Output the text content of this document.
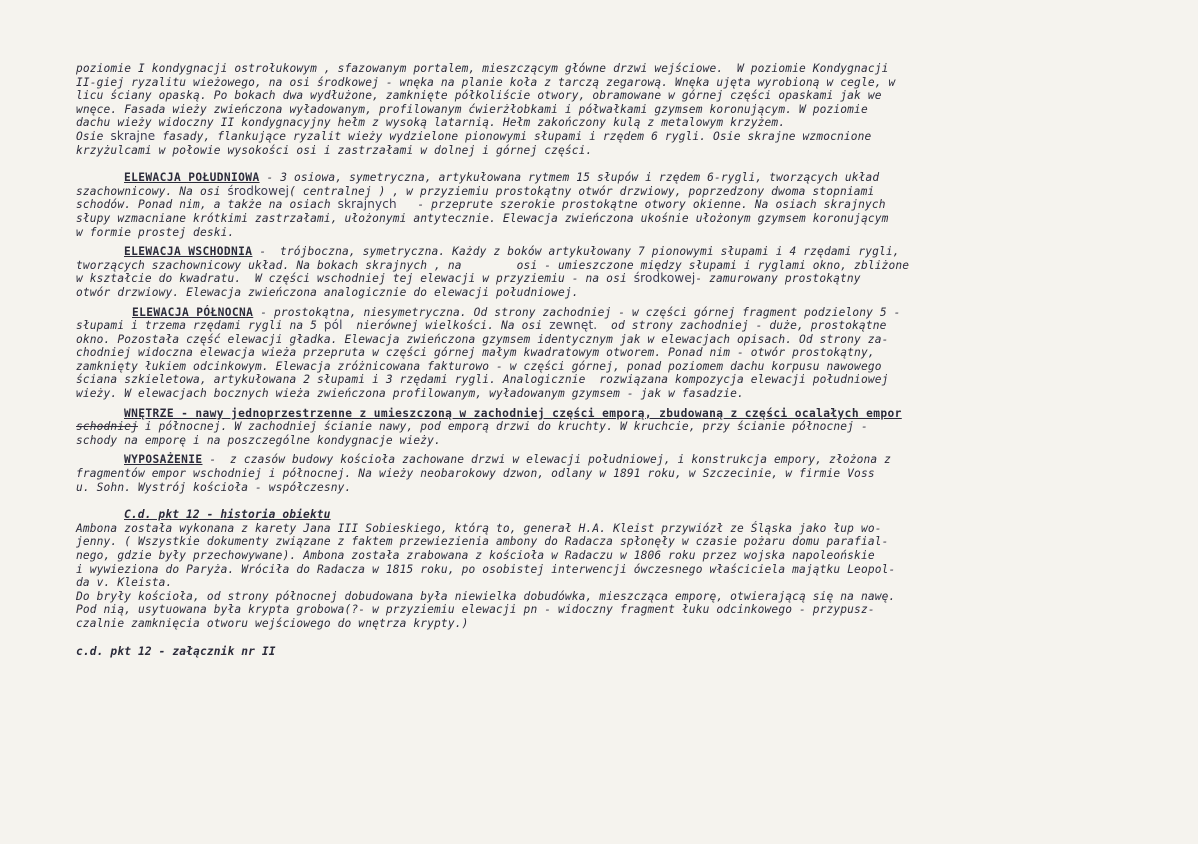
poziomie I kondygnacji ostrołukowym , sfazowanym portalem, mieszczącym główne drzwi wejściowe.  W poziomie Kondygnacji

II-giej ryzalitu wieżowego, na osi środkowej - wnęka na planie koła z tarczą zegarową. Wnęka ujęta wyrobioną w cegle, w

licu ściany opaską. Po bokach dwa wydłużone, zamknięte półkoliście otwory, obramowane w górnej części opaskami jak we

wnęce. Fasada wieży zwieńczona wyładowanym, profilowanym ćwierżłobkami i półwałkami gzymsem koronującym. W poziomie

dachu wieży widoczny II kondygnacyjny hełm z wysoką latarnią. Hełm zakończony kulą z metalowym krzyżem.

Osie skrajne fasady, flankujące ryzalit wieży wydzielone pionowymi słupami i rzędem 6 rygli. Osie skrajne wzmocnione

krzyżulcami w połowie wysokości osi i zastrzałami w dolnej i górnej części.

ELEWACJA POŁUDNIOWA - 3 osiowa, symetryczna, artykułowana rytmem 15 słupów i rzędem 6-rygli, tworzących układ

szachownicowy. Na osi środkowej( centralnej ) , w przyziemiu prostokątny otwór drzwiowy, poprzedzony dwoma stopniami

schodów. Ponad nim, a także na osiach skrajnych   - przeprute szerokie prostokątne otwory okienne. Na osiach skrajnych

słupy wzmacniane krótkimi zastrzałami, ułożonymi antytecznie. Elewacja zwieńczona ukośnie ułożonym gzymsem koronującym

w formie prostej deski.

ELEWACJA WSCHODNIA -  trójboczna, symetryczna. Każdy z boków artykułowany 7 pionowymi słupami i 4 rzędami rygli,

tworzących szachownicowy układ. Na bokach skrajnych , na        osi - umieszczone między słupami i ryglami okno, zbliżone

w kształcie do kwadratu.  W części wschodniej tej elewacji w przyziemiu - na osi środkowej- zamurowany prostokątny

otwór drzwiowy. Elewacja zwieńczona analogicznie do elewacji południowej.

ELEWACJA PÓŁNOCNA - prostokątna, niesymetryczna. Od strony zachodniej - w części górnej fragment podzielony 5 -

słupami i trzema rzędami rygli na 5 pól  nierównej wielkości. Na osi zewnęt.  od strony zachodniej - duże, prostokątne

okno. Pozostała część elewacji gładka. Elewacja zwieńczona gzymsem identycznym jak w elewacjach opisach. Od strony za-

chodniej widoczna elewacja wieża przepruta w części górnej małym kwadratowym otworem. Ponad nim - otwór prostokątny,

zamknięty łukiem odcinkowym. Elewacja zróżnicowana fakturowo - w części górnej, ponad poziomem dachu korpusu nawowego

ściana szkieletowa, artykułowana 2 słupami i 3 rzędami rygli. Analogicznie  rozwiązana kompozycja elewacji południowej

wieży. W elewacjach bocznych wieża zwieńczona profilowanym, wyładowanym gzymsem - jak w fasadzie.

WNĘTRZE - nawy jednoprzestrzenne z umieszczoną w zachodniej części emporą, zbudowaną z części ocalałych empor

schodniej i północnej. W zachodniej ścianie nawy, pod emporą drzwi do kruchty. W kruchcie, przy ścianie północnej -

schody na emporę i na poszczególne kondygnacje wieży.

WYPOSAŻENIE -  z czasów budowy kościoła zachowane drzwi w elewacji południowej, i konstrukcja empory, złożona z

fragmentów empor wschodniej i północnej. Na wieży neobarokowy dzwon, odlany w 1891 roku, w Szczecinie, w firmie Voss

u. Sohn. Wystrój kościoła - współczesny.

C.d. pkt 12 - historia obiektu

Ambona została wykonana z karety Jana III Sobieskiego, którą to, generał H.A. Kleist przywiózł ze Śląska jako łup wo-

jenny. ( Wszystkie dokumenty związane z faktem przewiezienia ambony do Radacza spłonęły w czasie pożaru domu parafial-

nego, gdzie były przechowywane). Ambona została zrabowana z kościoła w Radaczu w 1806 roku przez wojska napoleońskie

i wywieziona do Paryża. Wróciła do Radacza w 1815 roku, po osobistej interwencji ówczesnego właściciela majątku Leopol-

da v. Kleista.

Do bryły kościoła, od strony północnej dobudowana była niewielka dobudówka, mieszcząca emporę, otwierającą się na nawę.

Pod nią, usytuowana była krypta grobowa(?- w przyziemiu elewacji pn - widoczny fragment łuku odcinkowego - przypusz-

czalnie zamknięcia otworu wejściowego do wnętrza krypty.)

c.d. pkt 12 - załącznik nr II
